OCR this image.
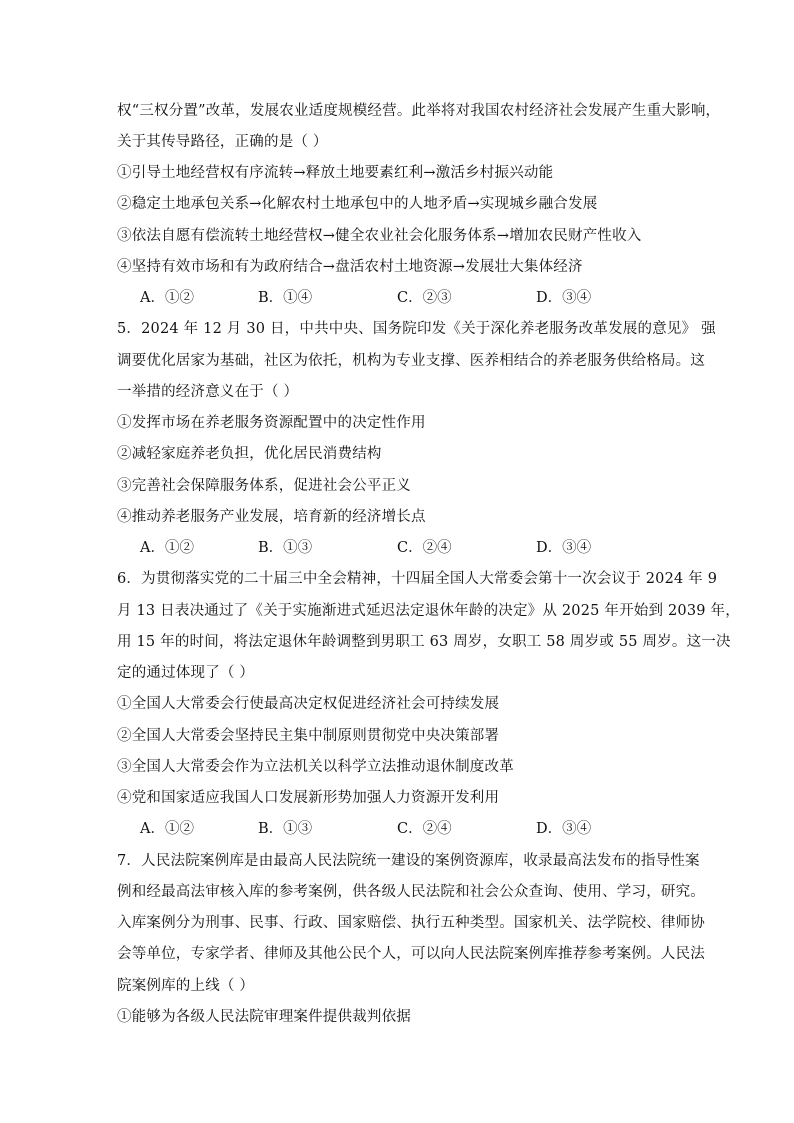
权“三权分置”改革，发展农业适度规模经营。此举将对我国农村经济社会发展产生重大影响，
关于其传导路径，正确的是（ ）
①引导土地经营权有序流转→释放土地要素红利→激活乡村振兴动能
②稳定土地承包关系→化解农村土地承包中的人地矛盾→实现城乡融合发展
③依法自愿有偿流转土地经营权→健全农业社会化服务体系→增加农民财产性收入
④坚持有效市场和有为政府结合→盘活农村土地资源→发展壮大集体经济
A．①②	B．①④	C．②③	D．③④
5．2024 年 12 月 30 日，中共中央、国务院印发《关于深化养老服务改革发展的意见》 强
调要优化居家为基础，社区为依托，机构为专业支撑、医养相结合的养老服务供给格局。这
一举措的经济意义在于（ ）
①发挥市场在养老服务资源配置中的决定性作用
②减轻家庭养老负担，优化居民消费结构
③完善社会保障服务体系，促进社会公平正义
④推动养老服务产业发展，培育新的经济增长点
A．①②	B．①③	C．②④	D．③④
6．为贯彻落实党的二十届三中全会精神，十四届全国人大常委会第十一次会议于 2024 年 9
月 13 日表决通过了《关于实施渐进式延迟法定退休年龄的决定》从 2025 年开始到 2039 年，
用 15 年的时间，将法定退休年龄调整到男职工 63 周岁，女职工 58 周岁或 55 周岁。这一决
定的通过体现了（ ）
①全国人大常委会行使最高决定权促进经济社会可持续发展
②全国人大常委会坚持民主集中制原则贯彻党中央决策部署
③全国人大常委会作为立法机关以科学立法推动退休制度改革
④党和国家适应我国人口发展新形势加强人力资源开发利用
A．①②	B．①③	C．②④	D．③④
7．人民法院案例库是由最高人民法院统一建设的案例资源库，收录最高法发布的指导性案
例和经最高法审核入库的参考案例，供各级人民法院和社会公众查询、使用、学习，研究。
入库案例分为刑事、民事、行政、国家赔偿、执行五种类型。国家机关、法学院校、律师协
会等单位，专家学者、律师及其他公民个人，可以向人民法院案例库推荐参考案例。人民法
院案例库的上线（ ）
①能够为各级人民法院审理案件提供裁判依据
